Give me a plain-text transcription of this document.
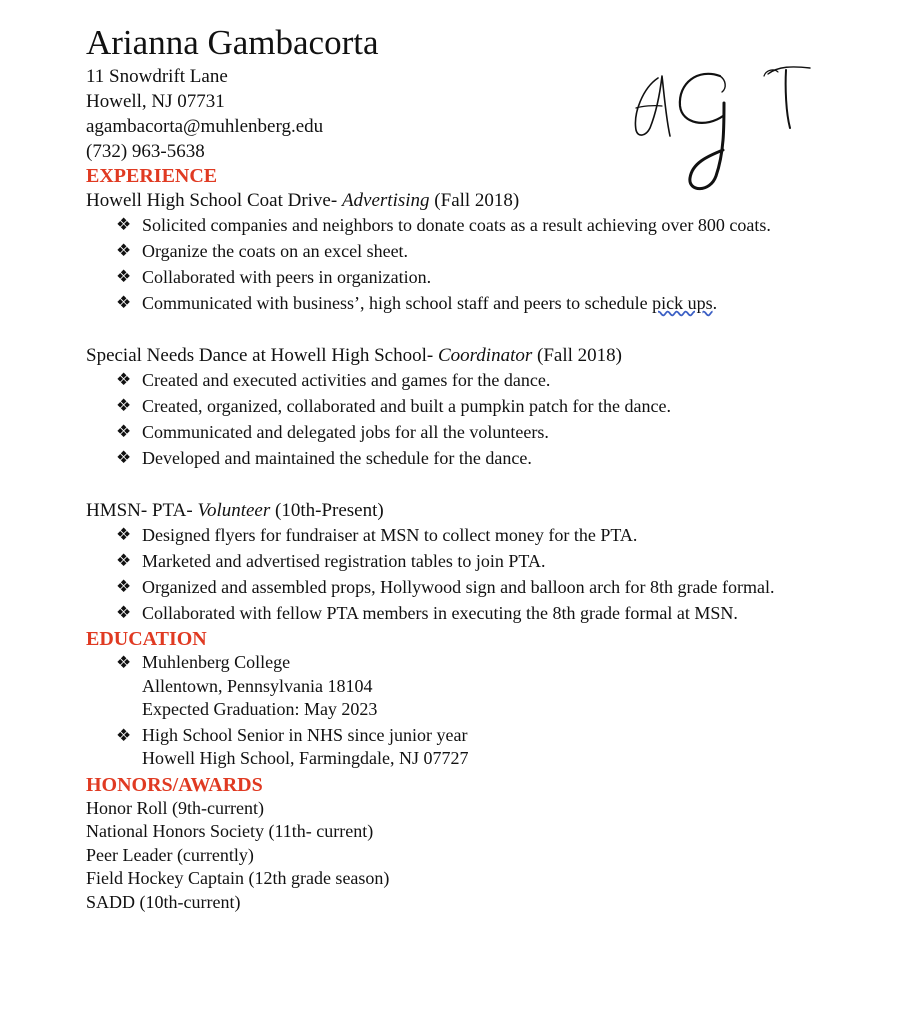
Arianna Gambacorta
11 Snowdrift Lane
Howell, NJ 07731
agambacorta@muhlenberg.edu
(732) 963-5638
EXPERIENCE
Howell High School Coat Drive- Advertising (Fall 2018)
❖ Solicited companies and neighbors to donate coats as a result achieving over 800 coats.
❖ Organize the coats on an excel sheet.
❖ Collaborated with peers in organization.
❖ Communicated with business’, high school staff and peers to schedule pick ups.
Special Needs Dance at Howell High School- Coordinator (Fall 2018)
❖ Created and executed activities and games for the dance.
❖ Created, organized, collaborated and built a pumpkin patch for the dance.
❖ Communicated and delegated jobs for all the volunteers.
❖ Developed and maintained the schedule for the dance.
HMSN- PTA- Volunteer (10th-Present)
❖ Designed flyers for fundraiser at MSN to collect money for the PTA.
❖ Marketed and advertised registration tables to join PTA.
❖ Organized and assembled props, Hollywood sign and balloon arch for 8th grade formal.
❖ Collaborated with fellow PTA members in executing the 8th grade formal at MSN.
EDUCATION
❖ Muhlenberg College
Allentown, Pennsylvania 18104
Expected Graduation: May 2023
❖ High School Senior in NHS since junior year
Howell High School, Farmingdale, NJ 07727
HONORS/AWARDS
Honor Roll (9th-current)
National Honors Society (11th- current)
Peer Leader (currently)
Field Hockey Captain (12th grade season)
SADD (10th-current)
